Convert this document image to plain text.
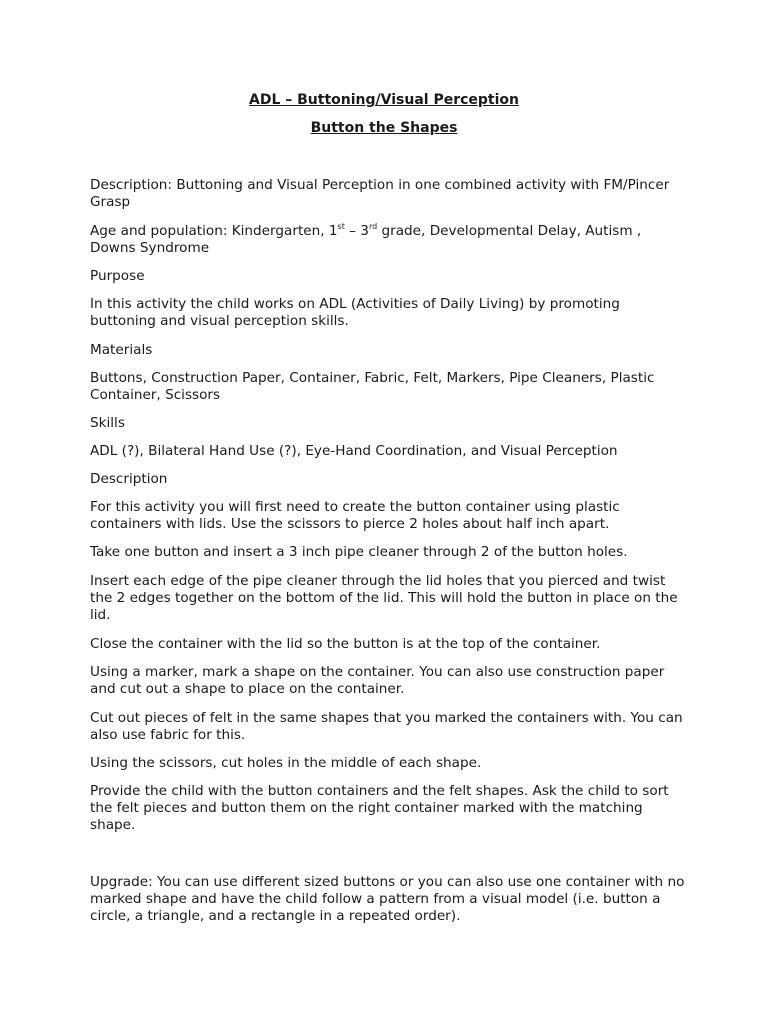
ADL – Buttoning/Visual Perception
Button the Shapes

Description: Buttoning and Visual Perception in one combined activity with FM/Pincer Grasp

Age and population: Kindergarten, 1st – 3rd grade, Developmental Delay, Autism , Downs Syndrome

Purpose

In this activity the child works on ADL (Activities of Daily Living) by promoting buttoning and visual perception skills.

Materials

Buttons, Construction Paper, Container, Fabric, Felt, Markers, Pipe Cleaners, Plastic Container, Scissors

Skills

ADL (?), Bilateral Hand Use (?), Eye-Hand Coordination, and Visual Perception

Description

For this activity you will first need to create the button container using plastic containers with lids. Use the scissors to pierce 2 holes about half inch apart.

Take one button and insert a 3 inch pipe cleaner through 2 of the button holes.

Insert each edge of the pipe cleaner through the lid holes that you pierced and twist the 2 edges together on the bottom of the lid. This will hold the button in place on the lid.

Close the container with the lid so the button is at the top of the container.

Using a marker, mark a shape on the container. You can also use construction paper and cut out a shape to place on the container.

Cut out pieces of felt in the same shapes that you marked the containers with. You can also use fabric for this.

Using the scissors, cut holes in the middle of each shape.

Provide the child with the button containers and the felt shapes. Ask the child to sort the felt pieces and button them on the right container marked with the matching shape.

Upgrade: You can use different sized buttons or you can also use one container with no marked shape and have the child follow a pattern from a visual model (i.e. button a circle, a triangle, and a rectangle in a repeated order).
